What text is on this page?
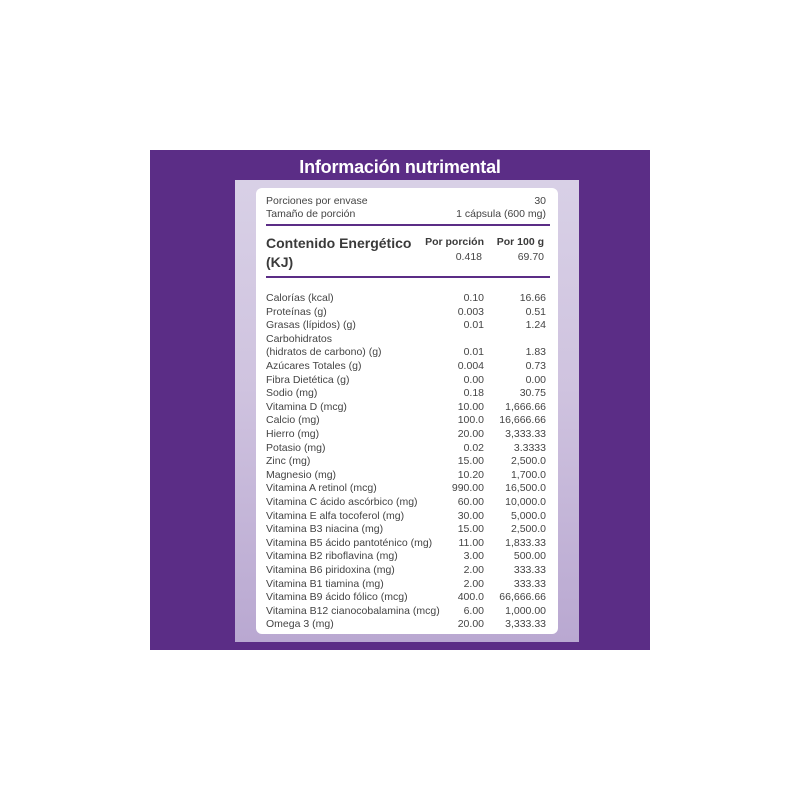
Información nutrimental
Porciones por envase	30
Tamaño de porción	1 cápsula (600 mg)
Contenido Energético (KJ)
Por porción Por 100 g
0.418	69.70
Calorías (kcal)	0.10	16.66
Proteínas (g)	0.003	0.51
Grasas (lípidos) (g)	0.01	1.24
Carbohidratos
(hidratos de carbono) (g)	0.01	1.83
Azúcares Totales (g)	0.004	0.73
Fibra Dietética (g)	0.00	0.00
Sodio (mg)	0.18	30.75
Vitamina D (mcg)	10.00 1,666.66
Calcio (mg)	100.0 16,666.66
Hierro (mg)	20.00 3,333.33
Potasio (mg)	0.02	3.3333
Zinc (mg)	15.00	2,500.0
Magnesio (mg)	10.20	1,700.0
Vitamina A retinol (mcg)	990.00 16,500.0
Vitamina C ácido ascórbico (mg)	60.00 10,000.0
Vitamina E alfa tocoferol (mg)	30.00	5,000.0
Vitamina B3 niacina (mg)	15.00	2,500.0
Vitamina B5 ácido pantoténico (mg)	11.00 1,833.33
Vitamina B2 riboflavina (mg)	3.00	500.00
Vitamina B6 piridoxina (mg)	2.00	333.33
Vitamina B1 tiamina (mg)	2.00	333.33
Vitamina B9 ácido fólico (mcg)	400.0 66,666.66
Vitamina B12 cianocobalamina (mcg) 6.00 1,000.00
Omega 3 (mg)	20.00 3,333.33
